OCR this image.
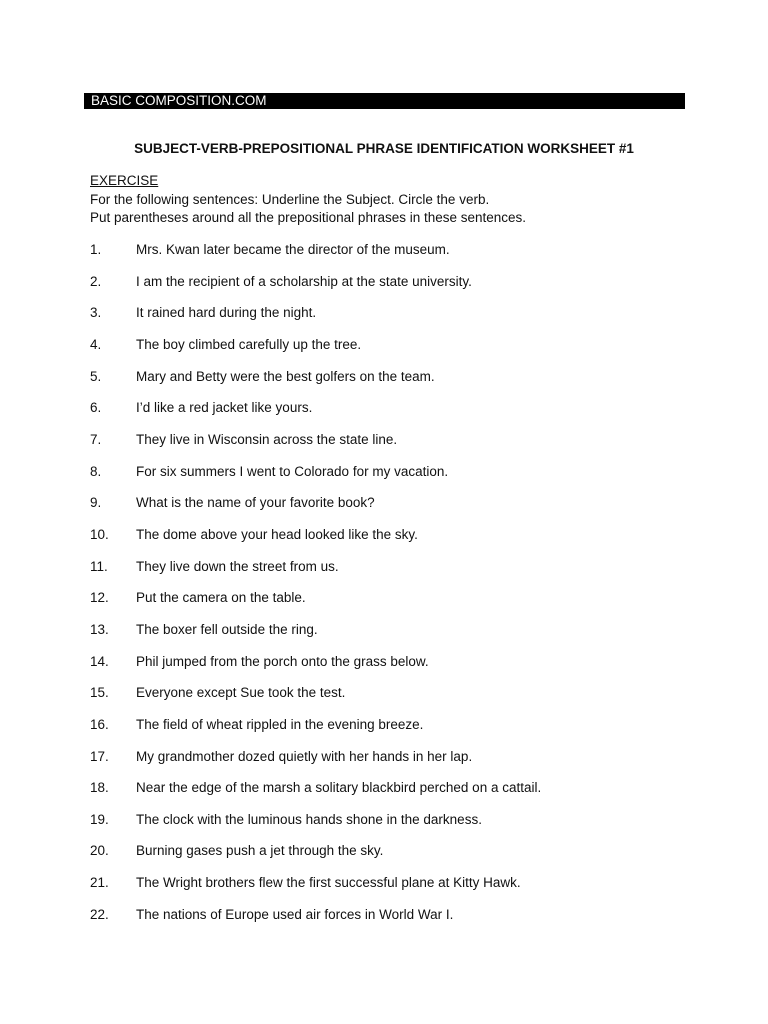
BASIC COMPOSITION.COM
SUBJECT-VERB-PREPOSITIONAL PHRASE IDENTIFICATION WORKSHEET #1
EXERCISE
For the following sentences: Underline the Subject. Circle the verb.
Put parentheses around all the prepositional phrases in these sentences.
1.	Mrs. Kwan later became the director of the museum.
2.	I am the recipient of a scholarship at the state university.
3.	It rained hard during the night.
4.	The boy climbed carefully up the tree.
5.	Mary and Betty were the best golfers on the team.
6.	I’d like a red jacket like yours.
7.	They live in Wisconsin across the state line.
8.	For six summers I went to Colorado for my vacation.
9.	What is the name of your favorite book?
10.	The dome above your head looked like the sky.
11.	They live down the street from us.
12.	Put the camera on the table.
13.	The boxer fell outside the ring.
14.	Phil jumped from the porch onto the grass below.
15.	Everyone except Sue took the test.
16.	The field of wheat rippled in the evening breeze.
17.	My grandmother dozed quietly with her hands in her lap.
18.	Near the edge of the marsh a solitary blackbird perched on a cattail.
19.	The clock with the luminous hands shone in the darkness.
20.	Burning gases push a jet through the sky.
21.	The Wright brothers flew the first successful plane at Kitty Hawk.
22.	The nations of Europe used air forces in World War I.
